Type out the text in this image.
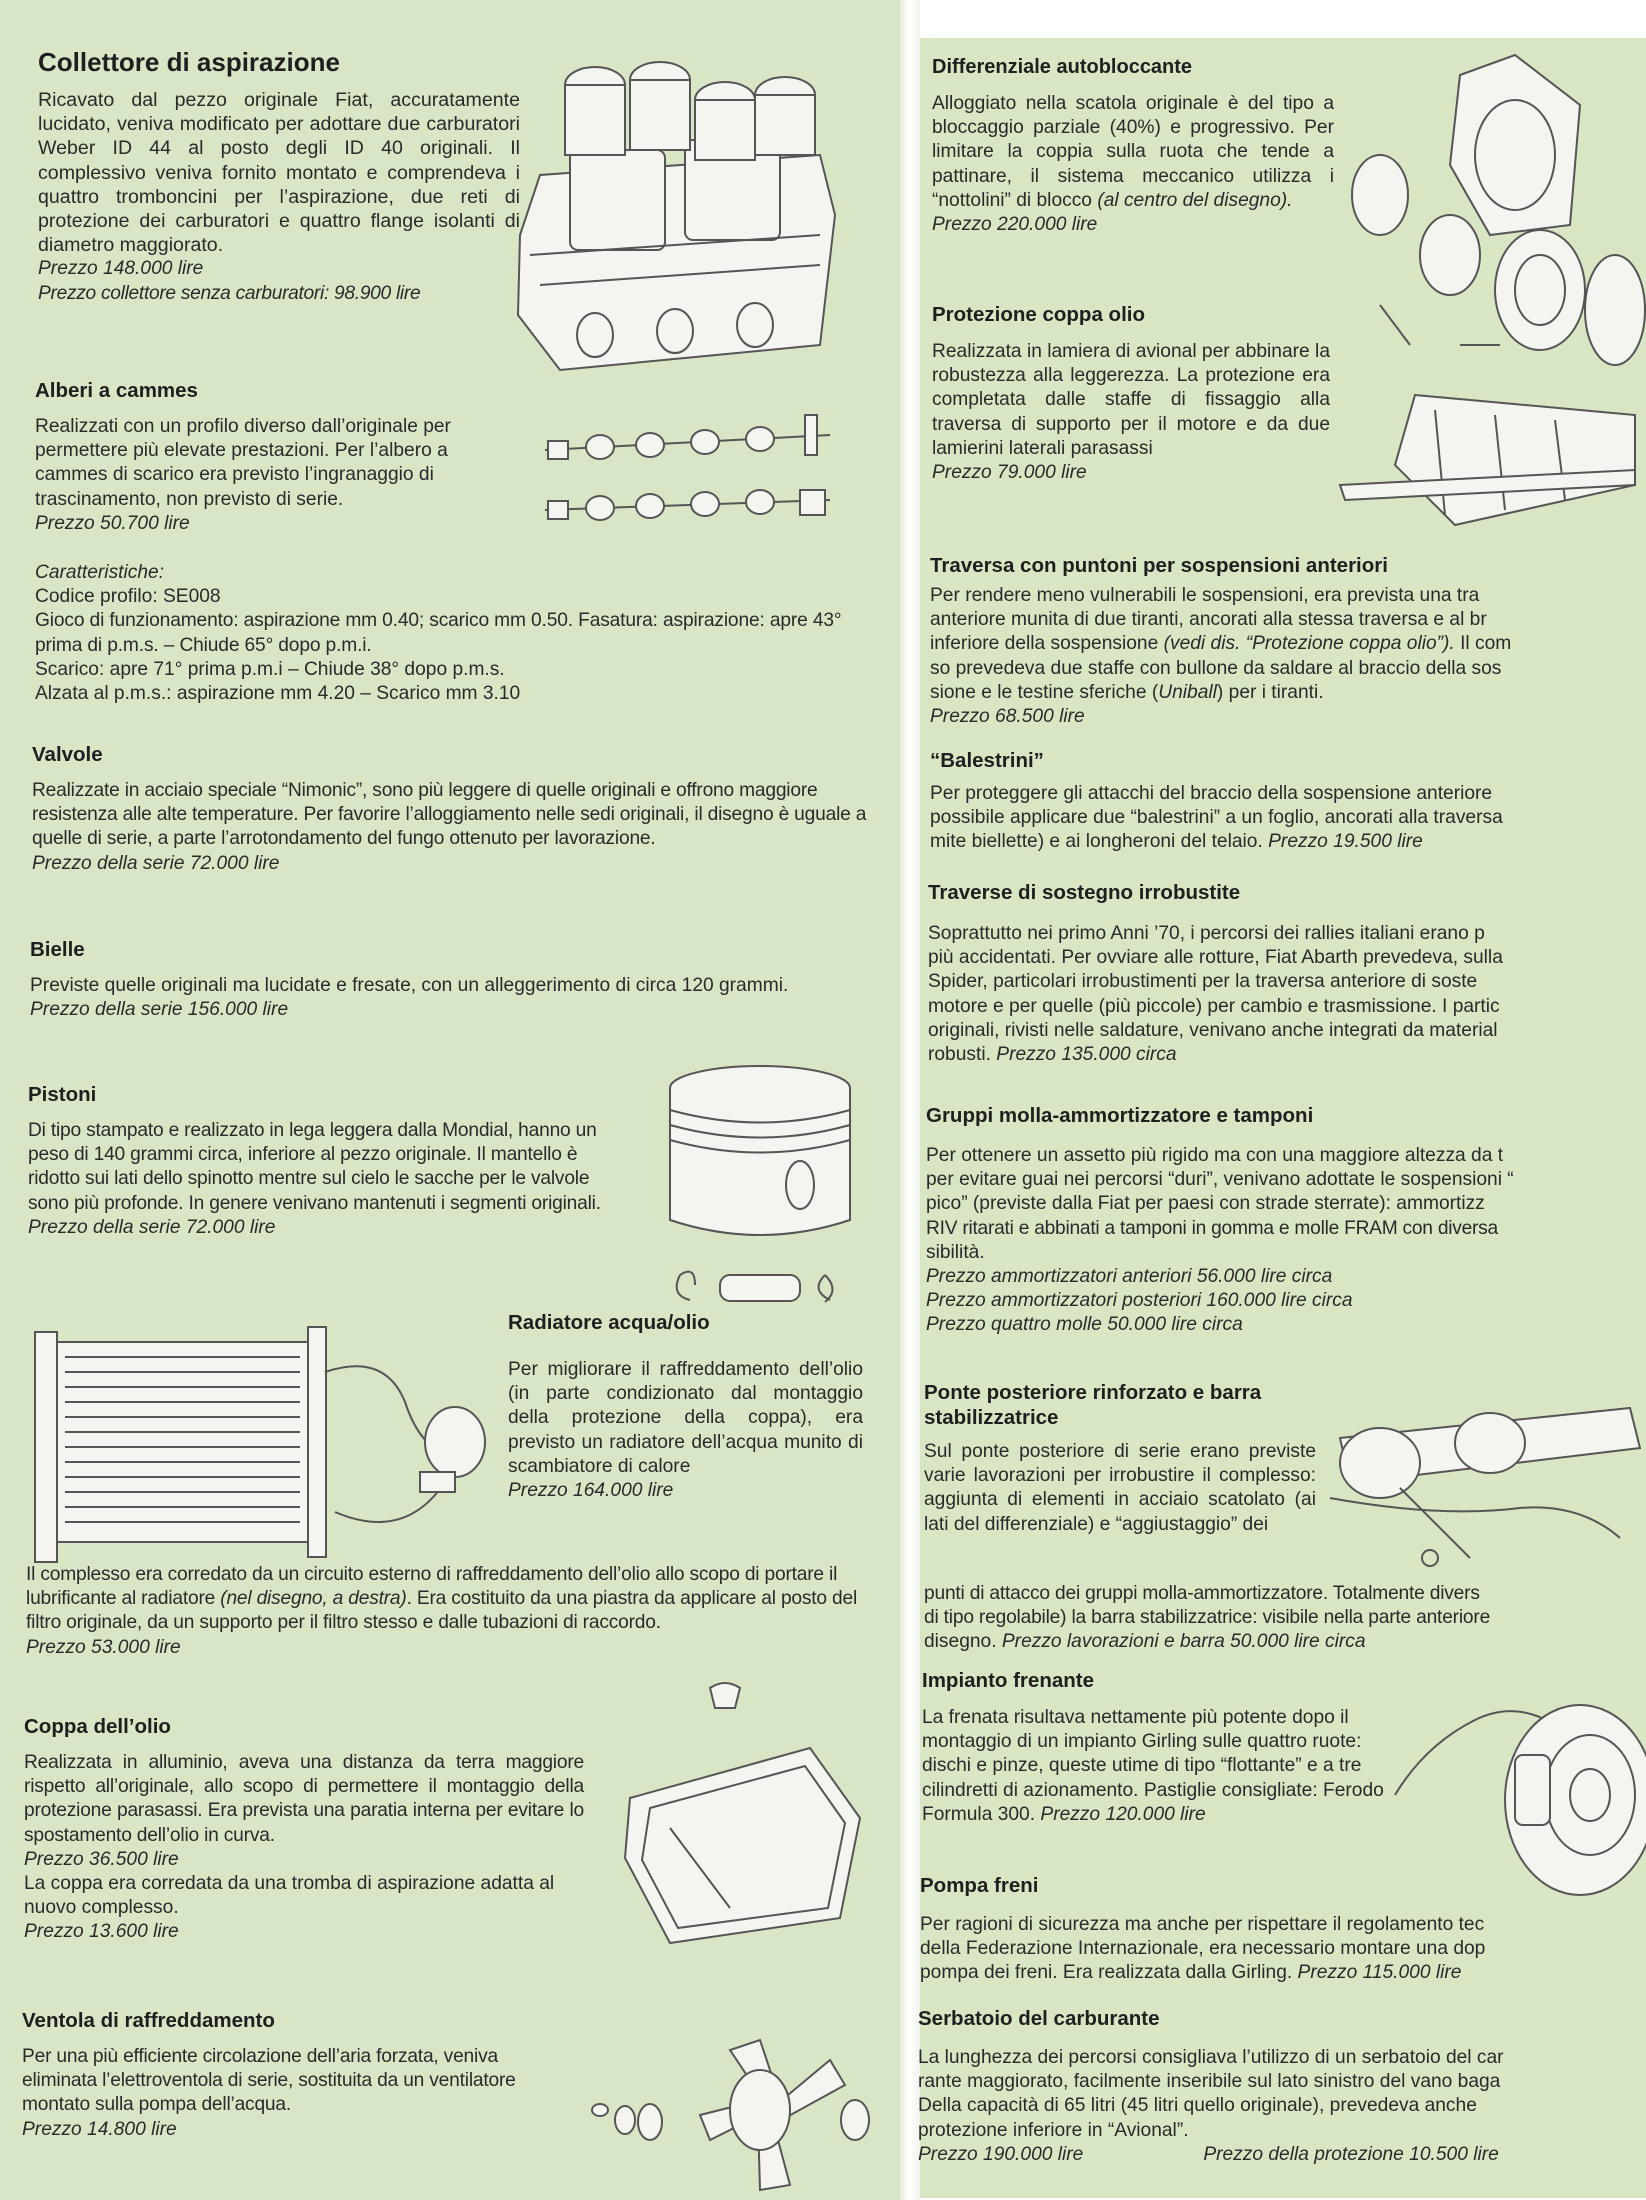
Collettore di aspirazione

Ricavato dal pezzo originale Fiat, accuratamente lucidato, veniva modificato per adottare due carburatori Weber ID 44 al posto degli ID 40 originali. Il complessivo veniva fornito montato e comprendeva i quattro tromboncini per l’aspirazione, due reti di protezione dei carburatori e quattro flange isolanti di diametro maggiorato.

Prezzo 148.000 lire
Prezzo collettore senza carburatori: 98.900 lire
Alberi a cammes

Realizzati con un profilo diverso dall’originale per permettere più elevate prestazioni. Per l’albero a cammes di scarico era previsto l’ingranaggio di trascinamento, non previsto di serie.

Prezzo 50.700 lire
Caratteristiche:
Codice profilo: SE008
Gioco di funzionamento: aspirazione mm 0.40; scarico mm 0.50. Fasatura: aspirazione: apre 43° prima di p.m.s. – Chiude 65° dopo p.m.i.
Scarico: apre 71° prima p.m.i – Chiude 38° dopo p.m.s.
Alzata al p.m.s.: aspirazione mm 4.20 – Scarico mm 3.10
Valvole

Realizzate in acciaio speciale “Nimonic”, sono più leggere di quelle originali e offrono maggiore resistenza alle alte temperature. Per favorire l’alloggiamento nelle sedi originali, il disegno è uguale a quelle di serie, a parte l’arrotondamento del fungo ottenuto per lavorazione.

Prezzo della serie 72.000 lire
Bielle

Previste quelle originali ma lucidate e fresate, con un alleggerimento di circa 120 grammi.

Prezzo della serie 156.000 lire
Pistoni

Di tipo stampato e realizzato in lega leggera dalla Mondial, hanno un peso di 140 grammi circa, inferiore al pezzo originale. Il mantello è ridotto sui lati dello spinotto mentre sul cielo le sacche per le valvole sono più profonde. In genere venivano mantenuti i segmenti originali.

Prezzo della serie 72.000 lire
Radiatore acqua/olio

Per migliorare il raffreddamento dell’olio (in parte condizionato dal montaggio della protezione della coppa), era previsto un radiatore dell’acqua munito di scambiatore di calore

Prezzo 164.000 lire

Il complesso era corredato da un circuito esterno di raffreddamento dell’olio allo scopo di portare il lubrificante al radiatore (nel disegno, a destra). Era costituito da una piastra da applicare al posto del filtro originale, da un supporto per il filtro stesso e dalle tubazioni di raccordo.

Prezzo 53.000 lire
Coppa dell’olio

Realizzata in alluminio, aveva una distanza da terra maggiore rispetto all’originale, allo scopo di permettere il montaggio della protezione parasassi. Era prevista una paratia interna per evitare lo spostamento dell’olio in curva.

Prezzo 36.500 lire

La coppa era corredata da una tromba di aspirazione adatta al nuovo complesso.

Prezzo 13.600 lire
Ventola di raffreddamento

Per una più efficiente circolazione dell’aria forzata, veniva eliminata l’elettroventola di serie, sostituita da un ventilatore montato sulla pompa dell’acqua.

Prezzo 14.800 lire
Differenziale autobloccante

Alloggiato nella scatola originale è del tipo a bloccaggio parziale (40%) e progressivo. Per limitare la coppia sulla ruota che tende a pattinare, il sistema meccanico utilizza i “nottolini” di blocco (al centro del disegno).

Prezzo 220.000 lire
Protezione coppa olio

Realizzata in lamiera di avional per abbinare la robustezza alla leggerezza. La protezione era completata dalle staffe di fissaggio alla traversa di supporto per il motore e da due lamierini laterali parasassi

Prezzo 79.000 lire
Traversa con puntoni per sospensioni anteriori
Per rendere meno vulnerabili le sospensioni, era prevista una tra
anteriore munita di due tiranti, ancorati alla stessa traversa e al br
inferiore della sospensione (vedi dis. “Protezione coppa olio”). Il com
so prevedeva due staffe con bullone da saldare al braccio della sos
sione e le testine sferiche (Uniball) per i tiranti.
Prezzo 68.500 lire
“Balestrini”
Per proteggere gli attacchi del braccio della sospensione anteriore
possibile applicare due “balestrini” a un foglio, ancorati alla traversa
mite biellette) e ai longheroni del telaio. Prezzo 19.500 lire
Traverse di sostegno irrobustite
Soprattutto nei primo Anni ’70, i percorsi dei rallies italiani erano p
più accidentati. Per ovviare alle rotture, Fiat Abarth prevedeva, sulla
Spider, particolari irrobustimenti per la traversa anteriore di soste
motore e per quelle (più piccole) per cambio e trasmissione. I partic
originali, rivisti nelle saldature, venivano anche integrati da material
robusti. Prezzo 135.000 circa
Gruppi molla-ammortizzatore e tamponi
Per ottenere un assetto più rigido ma con una maggiore altezza da t
per evitare guai nei percorsi “duri”, venivano adottate le sospensioni “
pico” (previste dalla Fiat per paesi con strade sterrate): ammortizz
RIV ritarati e abbinati a tamponi in gomma e molle FRAM con diversa
sibilità.
Prezzo ammortizzatori anteriori 56.000 lire circa
Prezzo ammortizzatori posteriori 160.000 lire circa
Prezzo quattro molle 50.000 lire circa
Ponte posteriore rinforzato e barra stabilizzatrice

Sul ponte posteriore di serie erano previste varie lavorazioni per irrobustire il complesso: aggiunta di elementi in acciaio scatolato (ai lati del differenziale) e “aggiustaggio” dei

punti di attacco dei gruppi molla-ammortizzatore. Totalmente divers
di tipo regolabile) la barra stabilizzatrice: visibile nella parte anteriore
disegno. Prezzo lavorazioni e barra 50.000 lire circa
Impianto frenante

La frenata risultava nettamente più potente dopo il montaggio di un impianto Girling sulle quattro ruote: dischi e pinze, queste utime di tipo “flottante” e a tre cilindretti di azionamento. Pastiglie consigliate: Ferodo Formula 300. Prezzo 120.000 lire

Pompa freni
Per ragioni di sicurezza ma anche per rispettare il regolamento tec
della Federazione Internazionale, era necessario montare una dop
pompa dei freni. Era realizzata dalla Girling. Prezzo 115.000 lire
Serbatoio del carburante
La lunghezza dei percorsi consigliava l’utilizzo di un serbatoio del car
rante maggiorato, facilmente inseribile sul lato sinistro del vano baga
Della capacità di 65 litri (45 litri quello originale), prevedeva anche
protezione inferiore in “Avional”.
Prezzo 190.000 lire	Prezzo della protezione 10.500 lire
